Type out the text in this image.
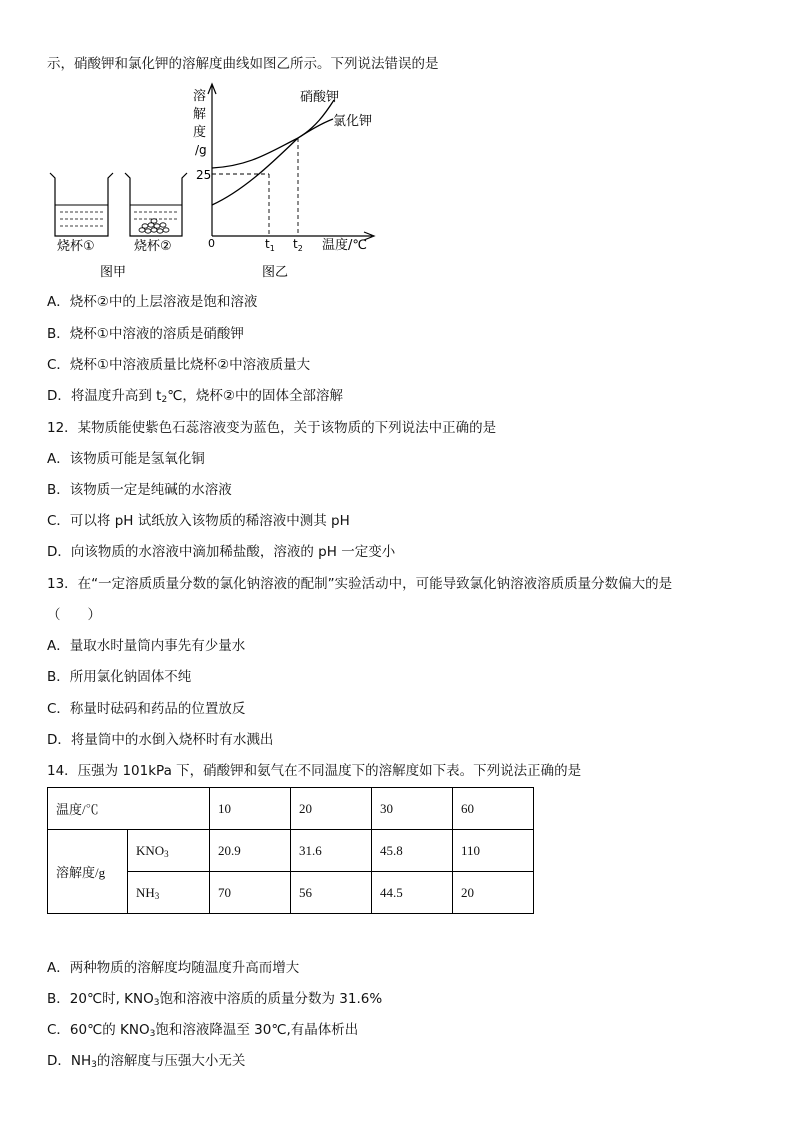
示，硝酸钾和氯化钾的溶解度曲线如图乙所示。下列说法错误的是
烧杯①
图甲
烧杯②
溶
解
度
/g
25
0	$t_1$ $t_2$ 温度/℃
图乙
硝酸钾
氯化钾
A．烧杯②中的上层溶液是饱和溶液
B．烧杯①中溶液的溶质是硝酸钾
C．烧杯①中溶液质量比烧杯②中溶液质量大
D．将温度升高到 $t_2℃$，烧杯②中的固体全部溶解
12．某物质能使紫色石蕊溶液变为蓝色，关于该物质的下列说法中正确的是
A．该物质可能是氢氧化铜
B．该物质一定是纯碱的水溶液
C．可以将 pH 试纸放入该物质的稀溶液中测其 pH
D．向该物质的水溶液中滴加稀盐酸，溶液的 pH 一定变小
13．在“一定溶质质量分数的氯化钠溶液的配制”实验活动中，可能导致氯化钠溶液溶质质量分数偏大的是
（　　）
A．量取水时量筒内事先有少量水
B．所用氯化钠固体不纯
C．称量时砝码和药品的位置放反
D．将量筒中的水倒入烧杯时有水溅出
14．压强为 101kPa 下，硝酸钾和氨气在不同温度下的溶解度如下表。下列说法正确的是
温度/℃		10	20	30	60
溶解度/g	$KNO_3$	20.9	31.6	45.8	110
	$NH_3$	70	56	44.5	20
A．两种物质的溶解度均随温度升高而增大
B．20℃时, $KNO_3$饱和溶液中溶质的质量分数为 31.6%
C．60℃的 $KNO_3$饱和溶液降温至 30℃,有晶体析出
D．$NH_3$的溶解度与压强大小无关
